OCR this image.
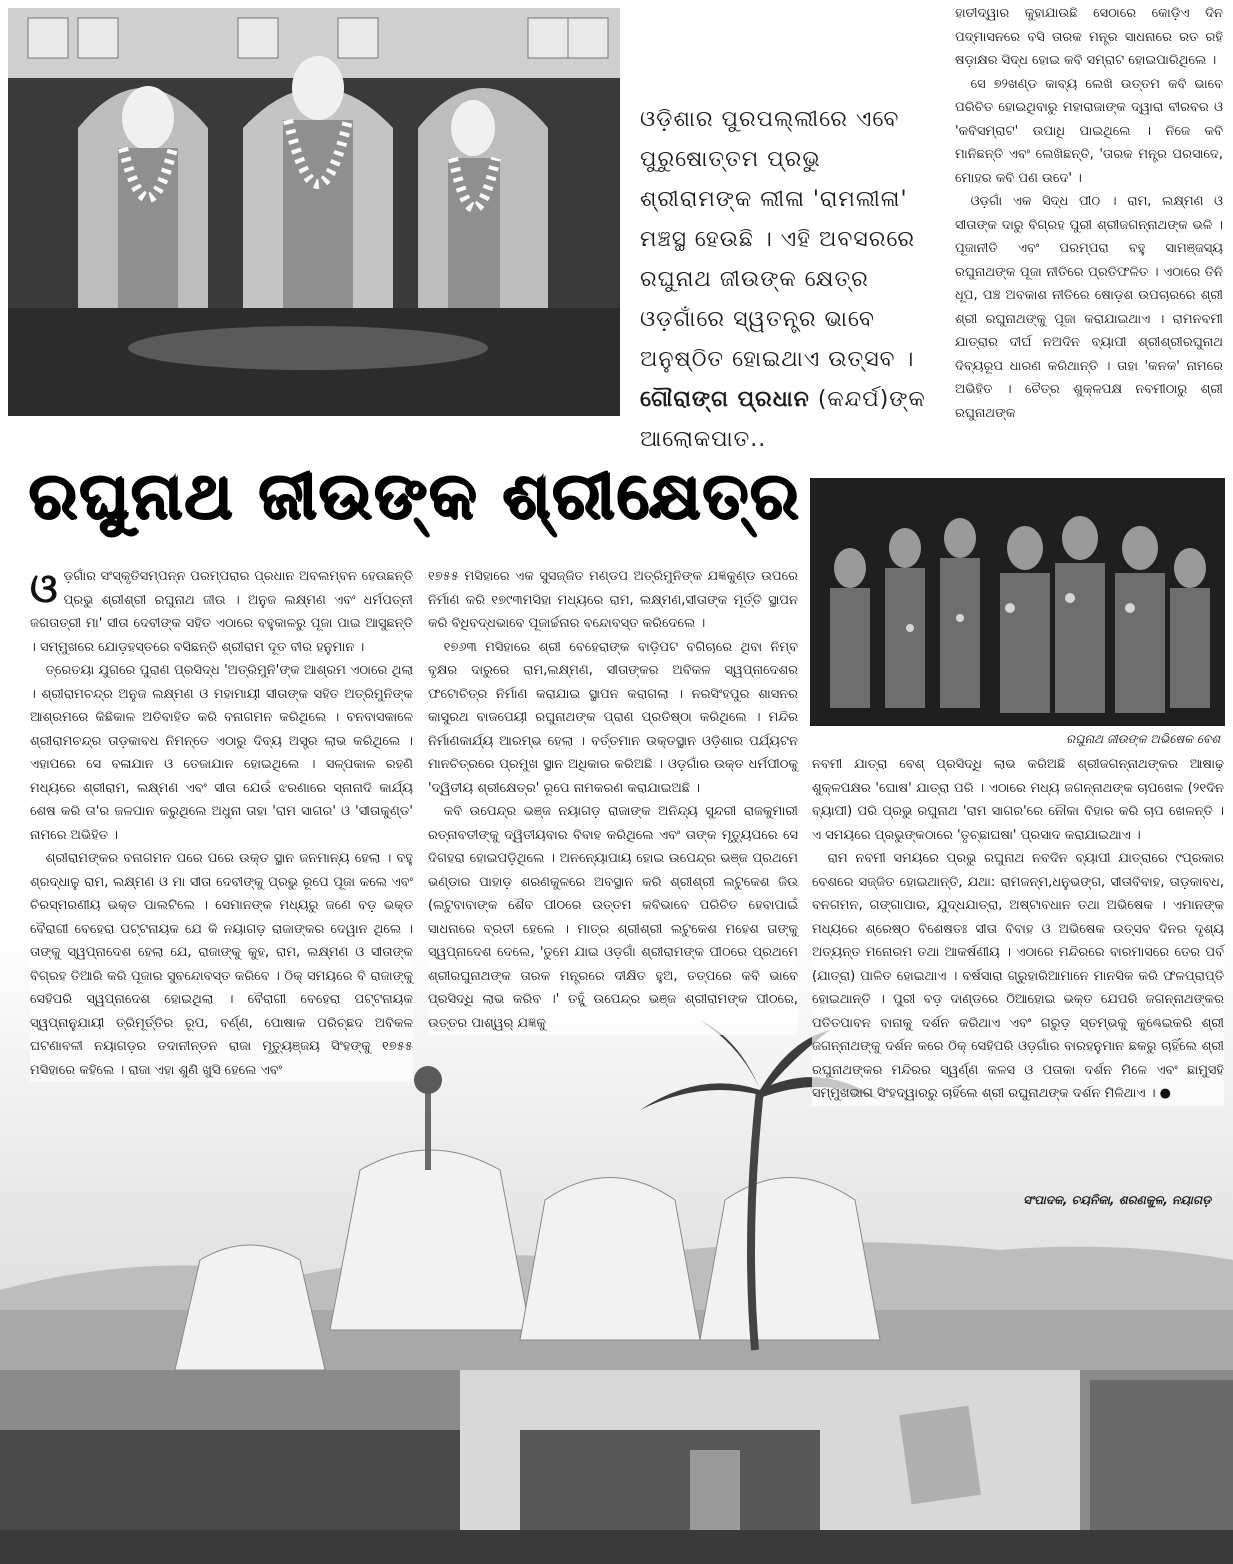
ଓଡ଼ିଶାର ପୁରପଲ୍ଲୀରେ ଏବେ ପୁରୁଷୋତ୍ତମ ପ୍ରଭୁ ଶ୍ରୀରାମଙ୍କ ଲୀଳା 'ରାମଲୀଳା' ମଞ୍ଚସ୍ଥ ହେଉଛି । ଏହି ଅବସରରେ ରଘୁନାଥ ଜୀଉଙ୍କ କ୍ଷେତ୍ର ଓଡ଼ଗାଁରେ ସ୍ୱତନ୍ତ୍ର ଭାବେ ଅନୁଷ୍ଠିତ ହୋଇଥାଏ ଉତ୍ସବ । ଗୌରାଙ୍ଗ ପ୍ରଧାନ (କନ୍ଦର୍ପ)ଙ୍କ ଆଲୋକପାତ..

ହାତୀଦ୍ୱାର କୁହାଯାଉଛି ସେଠାରେ କୋଡ଼ିଏ ଦିନ ପଦ୍ମାସନରେ ବସି ତାରକ ମନ୍ତ୍ର ସାଧନାରେ ରତ ରହି ଷଡ଼ାକ୍ଷର ସିଦ୍ଧ ହୋଇ କବି ସମ୍ରାଟ ହୋଇପାରିଥିଲେ ।

ସେ ୭୨ଖଣ୍ଡ କାବ୍ୟ ଲେଖି ଉତ୍ତମ କବି ଭାବେ ପରିଚିତ ହୋଇଥିବାରୁ ମହାରାଜାଙ୍କ ଦ୍ୱାରା ବୀରବର ଓ 'କବିସମ୍ରାଟ' ଉପାଧି ପାଇଥିଲେ । ନିଜେ କବି ମାନିଛନ୍ତି ଏବଂ ଲେଖିଛନ୍ତି, 'ତାରକ ମନ୍ତ୍ର ପରସାଦେ, ମୋହର କବି ପଣ ଉଦେ' ।

ଓଡ଼ଗାଁ ଏକ ସିଦ୍ଧ ପୀଠ । ରାମ, ଲକ୍ଷ୍ମଣ ଓ ସୀତାଙ୍କ ଦାରୁ ବିଗ୍ରହ ପୁରୀ ଶ୍ରୀଜଗନ୍ନାଥଙ୍କ ଭଳି । ପୂଜାନୀତି ଏବଂ ପରମ୍ପରା ବହୁ ସାମଞ୍ଜସ୍ୟ ରଘୁନାଥଙ୍କ ପୂଜା ନୀତିରେ ପ୍ରତିଫଳିତ । ଏଠାରେ ତିନି ଧୂପ, ପଞ୍ଚ ଅବକାଶ ନୀତିରେ ଷୋଡ଼ଶ ଉପଚାରରେ ଶ୍ରୀ ଶ୍ରୀ ରଘୁନାଥଙ୍କୁ ପୂଜା କରାଯାଇଥାଏ । ରାମନବମୀ ଯାତ୍ରାର ଦୀର୍ଘ ନଅଦିନ ବ୍ୟାପୀ ଶ୍ରୀଶ୍ରୀରଘୁନାଥ ଦିବ୍ୟରୂପ ଧାରଣ କରିଥାନ୍ତି । ତାହା 'କନକ' ନାମରେ ଅଭିହିତ । ଚୈତ୍ର ଶୁକ୍ଳପକ୍ଷ ନବମୀଠାରୁ ଶ୍ରୀ ରଘୁନାଥଙ୍କ

ରଘୁନାଥ ଜୀଉଙ୍କ ଶ୍ରୀକ୍ଷେତ୍ର
ରଘୁନାଥ ଜୀଉଙ୍କ ଅଭିଷେକ ବେଶ

ଓଡ଼ଗାଁର ସଂସ୍କୃତିସମ୍ପନ୍ନ ପରମ୍ପରାର ପ୍ରଧାନ ଅବଲମ୍ବନ ହେଉଛନ୍ତି ପ୍ରଭୁ ଶ୍ରୀଶ୍ରୀ ରଘୁନାଥ ଜୀଉ । ଅନୁଜ ଲକ୍ଷ୍ମଣ ଏବଂ ଧର୍ମପତ୍ନୀ ଜଗତାତ୍ରୀ ମା' ସୀତା ଦେବୀଙ୍କ ସହିତ ଏଠାରେ ବହୁକାଳରୁ ପୂଜା ପାଇ ଆସୁଛନ୍ତି । ସମ୍ମୁଖରେ ଯୋଡ଼ହସ୍ତରେ ବସିଛନ୍ତି ଶ୍ରୀରାମ ଦୂତ ବୀର ହନୁମାନ ।

ତ୍ରେତୟା ଯୁଗରେ ପୁରାଣ ପ୍ରସିଦ୍ଧ 'ଅତ୍ରିମୁନି'ଙ୍କ ଆଶ୍ରମ ଏଠାରେ ଥିଲା । ଶ୍ରୀରାମଚନ୍ଦ୍ର ଅନୁଜ ଲକ୍ଷ୍ମଣ ଓ ମହାମାୟୀ ସୀତାଙ୍କ ସହିତ ଅତ୍ରିମୁନିଙ୍କ ଆଶ୍ରମରେ କିଛିକାଳ ଅତିବାହିତ କରି ବନାଗମନ କରିଥିଲେ । ବନବାସକାଳେ ଶ୍ରୀରାମଚନ୍ଦ୍ର ତାଡ଼କାବଧ ନିମନ୍ତେ ଏଠାରୁ ଦିବ୍ୟ ଅସ୍ତ୍ର ଲାଭ କରିଥିଲେ । ଏହାପରେ ସେ ବଳାଯାନ ଓ ତେଜାଯାନ ହୋଇଥିଲେ । ସଳ୍ପକାଳ ରହଣି ମଧ୍ୟରେ ଶ୍ରୀରାମ, ଲକ୍ଷ୍ମଣ ଏବଂ ସୀତା ଯେଉଁ ଝରଣାରେ ସ୍ନାନାଦି କାର୍ଯ୍ୟ ଶେଷ କରି ତା'ର ଜଳପାନ କରୁଥିଲେ ଅଧୁନା ତାହା 'ରାମ ସାଗର' ଓ 'ସୀତାକୁଣ୍ଡ' ନାମରେ ଅଭିହିତ ।

ଶ୍ରୀରାମଙ୍କର ବନାଗମନ ପରେ ପରେ ଉକ୍ତ ସ୍ଥାନ ଜନମାନ୍ୟ ହେଲା । ବହୁ ଶ୍ରଦ୍ଧାଳୁ ରାମ, ଲକ୍ଷ୍ମଣ ଓ ମା ସୀତା ଦେବୀଙ୍କୁ ପ୍ରଭୁ ରୂପେ ପୂଜା କଲେ ଏବଂ ଚିରସ୍ମରଣୀୟ ଭକ୍ତ ପାଲଟିଲେ । ସେମାନଙ୍କ ମଧ୍ୟରୁ ଜଣେ ବଡ଼ ଭକ୍ତ ବୈରାଗୀ ବେହେରା ପଟ୍ଟନାୟକ ଯେ କି ନୟାଗଡ଼ ରାଜାଙ୍କର ଦେୱାନ ଥିଲେ । ତାଙ୍କୁ ସ୍ୱପ୍ନାଦେଶ ହେଲା ଯେ, ରାଜାଙ୍କୁ କୁହ, ରାମ, ଲକ୍ଷ୍ମଣ ଓ ସୀତାଙ୍କ ବିଗ୍ରହ ତିଆରି କରି ପୂଜାର ସୁବନ୍ଦୋବସ୍ତ କରିବେ । ଠିକ୍ ସମୟରେ ବି ରାଜାଙ୍କୁ ସେହିପରି ସ୍ୱପ୍ନାଦେଶ ହୋଇଥିଲା । ବୈରାଗୀ ବେହେରା ପଟ୍ଟନାୟକ ସ୍ୱପ୍ନାନୁଯାୟୀ ତ୍ରିମୂର୍ତ୍ତିର ରୂପ, ବର୍ଣ୍ଣ, ପୋଷାକ ପରିଚ୍ଛଦ ଅବିକଳ ଘଟଣାବଳୀ ନୟାଗଡ଼ର ତଦାନୀନ୍ତନ ରାଜା ମୃତ୍ୟୁଞ୍ଜୟ ସିଂହଙ୍କୁ ୧୭୫୫ ମସିହାରେ କହିଲେ । ରାଜା ଏହା ଶୁଣି ଖୁସି ହେଲେ ଏବଂ

୧୭୫୫ ମସିହାରେ ଏକ ସୁସଜ୍ଜିତ ମଣ୍ଡପ ଅତ୍ରିମୁନିଙ୍କ ଯଜ୍ଞକୁଣ୍ଡ ଉପରେ ନିର୍ମାଣ କରି ୧୭୯୩ମସିହା ମଧ୍ୟରେ ରାମ, ଲକ୍ଷ୍ମଣ,ସୀତାଙ୍କ ମୂର୍ତ୍ତି ସ୍ଥାପନ କରି ବିଧିବଦ୍ଧଭାବେ ପୂଜାର୍ଚ୍ଚନାର ବନ୍ଦୋବସ୍ତ କରିଦେଲେ ।

୧୭୬୩ ମସିହାରେ ଶ୍ରୀ ବେହେରାଙ୍କ ବାଡ଼ିପଟ ବଗିଚାରେ ଥିବା ନିମ୍ବ ବୃକ୍ଷର ଦାରୁରେ ରାମ,ଲକ୍ଷ୍ମଣ, ସୀତାଙ୍କର ଅବିକଳ ସ୍ୱପ୍ନାଦେଶର ଫଟୋଚିତ୍ର ନିର୍ମାଣ କରାଯାଇ ସ୍ଥାପନ କରାଗଲା । ନରସିଂହପୁର ଶାସନର କାସୁରଥ ବାଜପେୟୀ ରଘୁନାଥଙ୍କ ପ୍ରାଣ ପ୍ରତିଷ୍ଠା କରିଥିଲେ । ମନ୍ଦିର ନିର୍ମାଣକାର୍ଯ୍ୟ ଆରମ୍ଭ ହେଲା । ବର୍ତ୍ତମାନ ଉକ୍ତସ୍ଥାନ ଓଡ଼ିଶାର ପର୍ଯ୍ୟଟନ ମାନଚିତ୍ରରେ ପ୍ରମୁଖ ସ୍ଥାନ ଅଧିକାର କରିଅଛି । ଓଡ଼ଗାଁର ଉକ୍ତ ଧର୍ମପୀଠକୁ 'ଦ୍ୱିତୀୟ ଶ୍ରୀକ୍ଷେତ୍ର' ରୂପେ ନାମକରଣ କରାଯାଇଅଛି ।

କବି ଉପେନ୍ଦ୍ର ଭଞ୍ଜ ନୟାଗଡ଼ ରାଜାଙ୍କ ଅନିନ୍ଦ୍ୟ ସୁନ୍ଦରୀ ରାଜକୁମାରୀ ରତ୍ନାବତୀଙ୍କୁ ଦ୍ୱିତୀୟବାର ବିବାହ କରିଥିଲେ ଏବଂ ତାଙ୍କ ମୃତ୍ୟୁପରେ ସେ ଦିଗହରା ହୋଇପଡ଼ିଥିଲେ । ଅନନ୍ୟୋପାୟ ହୋଇ ଉପେନ୍ଦ୍ର ଭଞ୍ଜ ପ୍ରଥମେ ଭଣ୍ଡାର ପାହାଡ଼ ଶରଣକୁଳରେ ଅବସ୍ଥାନ କରି ଶ୍ରୀଶ୍ରୀ ଲଟୁକେଶ ଜିଉ (ଲଟୁବାବାଙ୍କ ଶୈବ ପୀଠରେ ଉତ୍ତମ କବିଭାବେ ପରିଚିତ ହେବାପାଇଁ ସାଧନାରେ ବ୍ରତୀ ହେଲେ । ମାତ୍ର ଶ୍ରୀଶ୍ରୀ ଲଟୁକେଶ ମହେଶ ତାଙ୍କୁ ସ୍ୱପ୍ନାଦେଶ ଦେଲେ, 'ତୁମେ ଯାଇ ଓଡ଼ଗାଁ ଶ୍ରୀରାମଙ୍କ ପୀଠରେ ପ୍ରଥମେ ଶ୍ରୀରଘୁନାଥଙ୍କ ତାରକ ମନ୍ତ୍ରରେ ଦୀକ୍ଷିତ ହୁଅ, ତତ୍‌ପରେ କବି ଭାବେ ପ୍ରସିଦ୍ଧି ଲାଭ କରିବ ।' ତହୁଁ ଉପେନ୍ଦ୍ର ଭଞ୍ଜ ଶ୍ରୀରାମଙ୍କ ପୀଠରେ, ଉତ୍ତର ପାଶ୍ୱର୍ ଯଜ୍ଞକୁ

ନବମୀ ଯାତ୍ରା ବେଶ୍ ପ୍ରସିଦ୍ଧି ଲାଭ କରିଅଛି ଶ୍ରୀଜଗନ୍ନାଥଙ୍କର ଆଷାଢ଼ ଶୁକ୍ଳପକ୍ଷର 'ଘୋଷ' ଯାତ୍ରା ପରି । ଏଠାରେ ମଧ୍ୟ ଜଗନ୍ନାଥଙ୍କ ଚାପଖେଳ (୨୧ଦିନ ବ୍ୟାପୀ) ପରି ପ୍ରଭୁ ରଘୁନାଥ 'ରାମ ସାଗର'ରେ ନୌକା ବିହାର କରି ଚାପ ଖେଳନ୍ତି । ଏ ସମୟରେ ପ୍ରଭୁଙ୍କଠାରେ 'ତୃଚ୍ଛାଘଷା' ପ୍ରସାଦ କରାଯାଇଥାଏ ।

ରାମ ନବମୀ ସମୟରେ ପ୍ରଭୁ ରଘୁନାଥ ନବଦିନ ବ୍ୟାପୀ ଯାତ୍ରାରେ ୯ପ୍ରକାର ବେଶରେ ସଜ୍ଜିତ ହୋଇଥାନ୍ତି, ଯଥା: ରାମଜନ୍ମ,ଧନୁଭଙ୍ଗ, ସୀତାବିବାହ, ତାଡ଼କାବଧ, ବନଗମନ, ଗଙ୍ଗାପାର, ଯୁଦ୍ଧଯାତ୍ରା, ଅଷ୍ଟାବଧାନ ତଥା ଅଭିଷେକ । ଏମାନଙ୍କ ମଧ୍ୟରେ ଶ୍ରେଷ୍ଠ ବିଶେଷତଃ ସୀତା ବିବାହ ଓ ଅଭିଷେକ ଉତ୍ସବ ଦିନର ଦୃଶ୍ୟ ଅତ୍ୟନ୍ତ ମନୋରମ ତଥା ଆକର୍ଷଣୀୟ । ଏଠାରେ ମନ୍ଦିରରେ ବାରମାସରେ ତେର ପର୍ବ (ଯାତ୍ରା) ପାଳିତ ହୋଇଥାଏ । ବର୍ଷସାରା ଗ୍ରୁହାରିଆମାନେ ମାନସିକ କରି ଫଳପ୍ରାପ୍ତି ହୋଇଥାନ୍ତି । ପୁରୀ ବଡ଼ ଦାଣ୍ଡରେ ଠିଆହୋଇ ଭକ୍ତ ଯେପରି ଜଗନ୍ନାଥଙ୍କର ପତିତପାବନ ବାନାକୁ ଦର୍ଶନ କରିଥାଏ ଏବଂ ଗରୁଡ଼ ସ୍ତମ୍ଭକୁ କୁଣ୍ଢେଇକରି ଶ୍ରୀ ଜଗନ୍ନାଥଙ୍କୁ ଦର୍ଶନ କରେ ଠିକ୍ ସେହିପରି ଓଡ଼ଗାଁର ବାରହନୁମାନ ଛକରୁ ଚାହିଁଲେ ଶ୍ରୀ ରଘୁନାଥଙ୍କର ମନ୍ଦିରର ସ୍ୱର୍ଣ୍ଣ କଳସ ଓ ପତାକା ଦର୍ଶନ ମିଳେ ଏବଂ ଛାମୁସହି ସମ୍ମୁଖଭାଗ ସିଂହଦ୍ୱାରରୁ ଚାହିଁଲେ ଶ୍ରୀ ରଘୁନାଥଙ୍କ ଦର୍ଶନ ମିଳିଥାଏ । ●

ସଂପାଦକ, ଚୟନିକା, ଶରଣକୁଳ, ନୟାଗଡ଼
